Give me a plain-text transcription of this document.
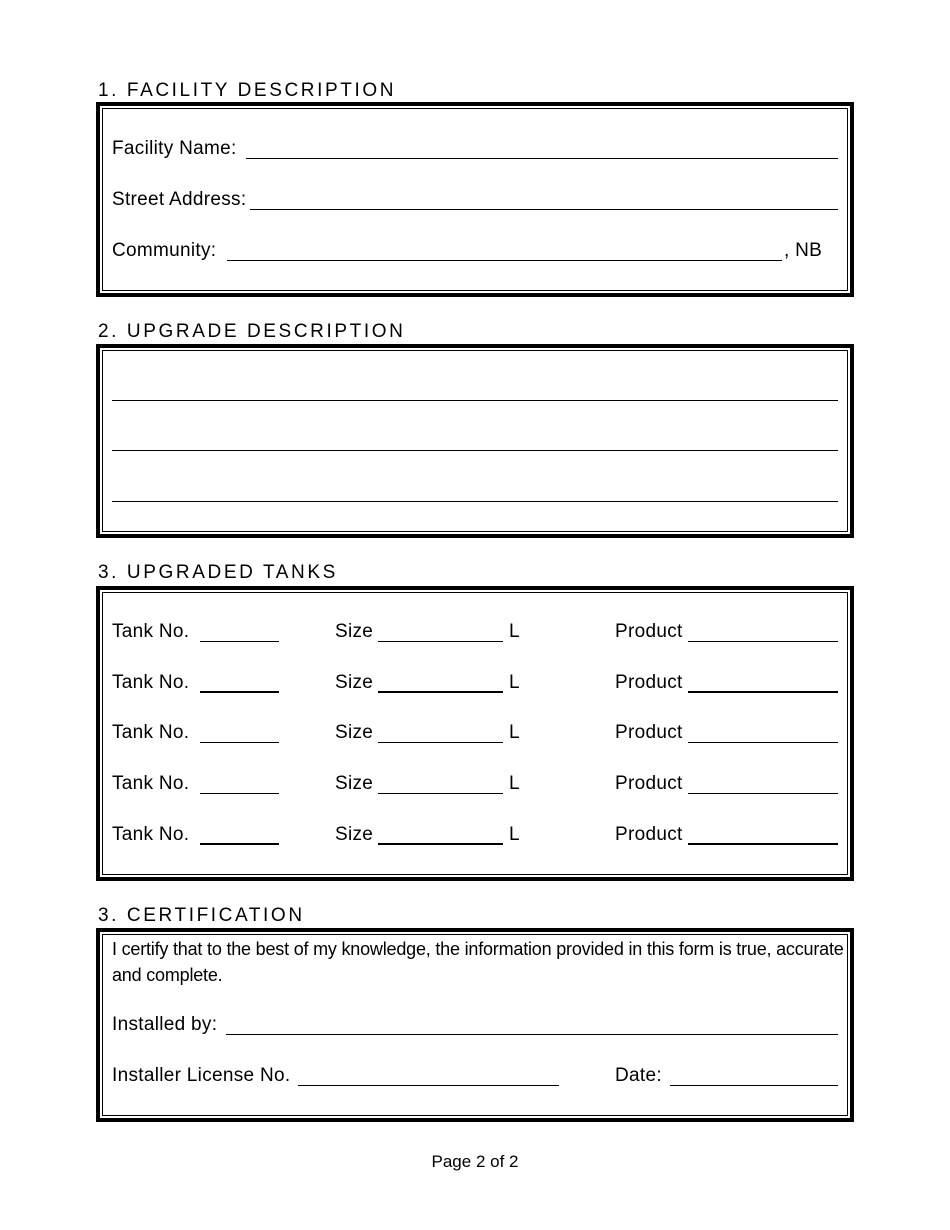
1. FACILITY DESCRIPTION
Facility Name:
Street Address:
Community:	, NB
2. UPGRADE DESCRIPTION
3. UPGRADED TANKS
Tank No.	Size	L	Product
Tank No.	Size	L	Product
Tank No.	Size	L	Product
Tank No.	Size	L	Product
Tank No.	Size	L	Product
3. CERTIFICATION
I certify that to the best of my knowledge, the information provided in this form is true, accurate and complete.
Installed by:
Installer License No.	Date:
Page 2 of 2
